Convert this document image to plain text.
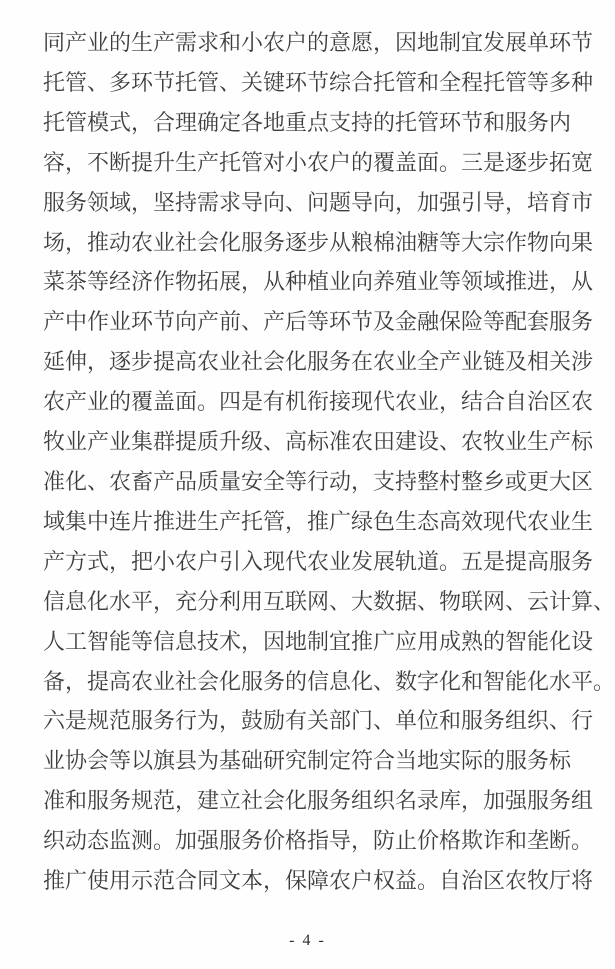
同产业的生产需求和小农户的意愿，因地制宜发展单环节
托管、多环节托管、关键环节综合托管和全程托管等多种
托管模式，合理确定各地重点支持的托管环节和服务内
容，不断提升生产托管对小农户的覆盖面。三是逐步拓宽
服务领域，坚持需求导向、问题导向，加强引导，培育市
场，推动农业社会化服务逐步从粮棉油糖等大宗作物向果
菜茶等经济作物拓展，从种植业向养殖业等领域推进，从
产中作业环节向产前、产后等环节及金融保险等配套服务
延伸，逐步提高农业社会化服务在农业全产业链及相关涉
农产业的覆盖面。四是有机衔接现代农业，结合自治区农
牧业产业集群提质升级、高标准农田建设、农牧业生产标
准化、农畜产品质量安全等行动，支持整村整乡或更大区
域集中连片推进生产托管，推广绿色生态高效现代农业生
产方式，把小农户引入现代农业发展轨道。五是提高服务
信息化水平，充分利用互联网、大数据、物联网、云计算、
人工智能等信息技术，因地制宜推广应用成熟的智能化设
备，提高农业社会化服务的信息化、数字化和智能化水平。
六是规范服务行为，鼓励有关部门、单位和服务组织、行
业协会等以旗县为基础研究制定符合当地实际的服务标
准和服务规范，建立社会化服务组织名录库，加强服务组
织动态监测。加强服务价格指导，防止价格欺诈和垄断。
推广使用示范合同文本，保障农户权益。自治区农牧厅将
- 4 -
